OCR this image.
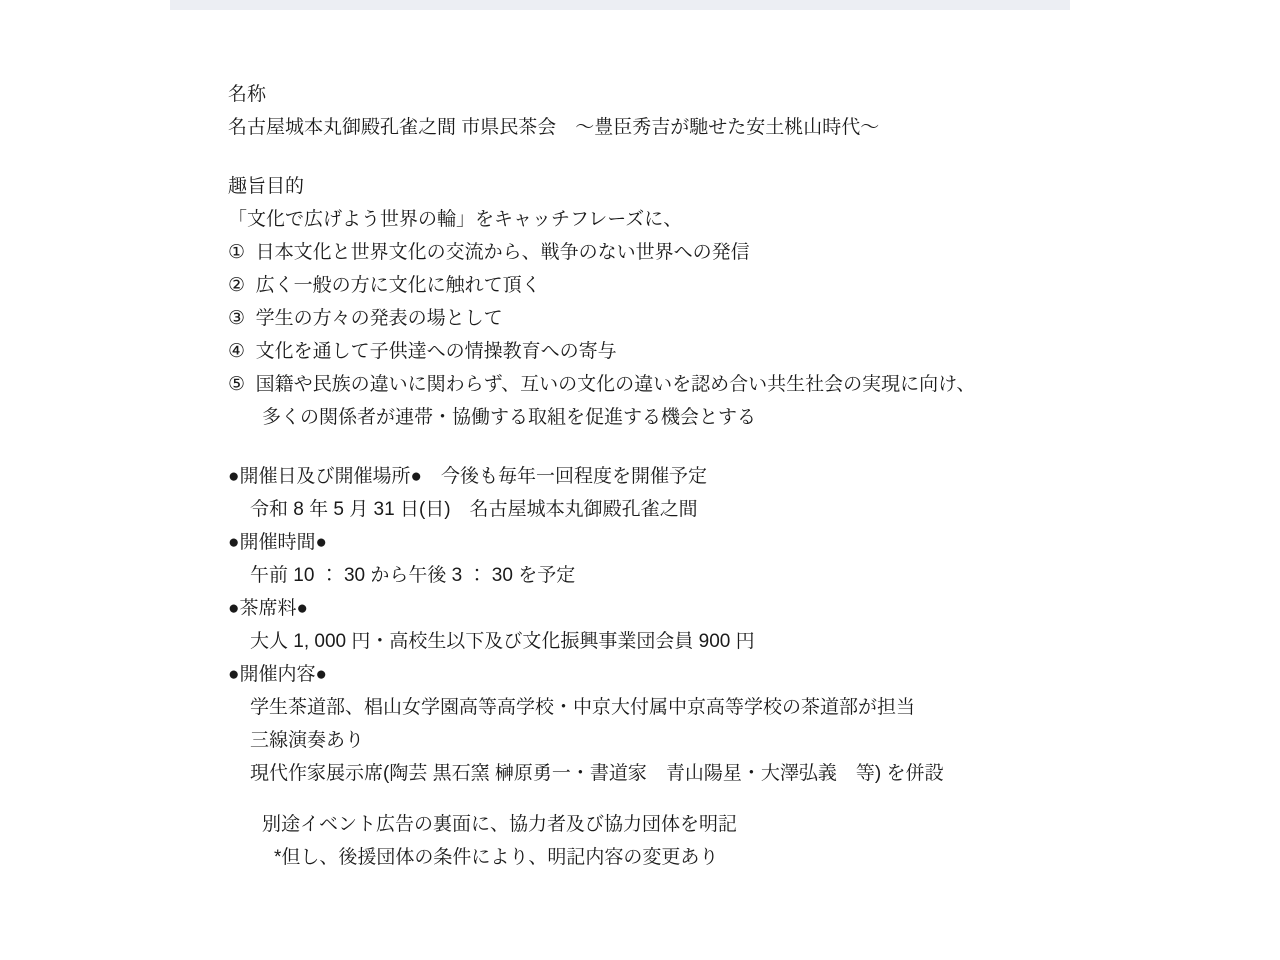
名称
名古屋城本丸御殿孔雀之間 市県民茶会　～豊臣秀吉が馳せた安土桃山時代～
趣旨目的
「文化で広げよう世界の輪」をキャッチフレーズに、
①  日本文化と世界文化の交流から、戦争のない世界への発信
②  広く一般の方に文化に触れて頂く
③  学生の方々の発表の場として
④  文化を通して子供達への情操教育への寄与
⑤  国籍や民族の違いに関わらず、互いの文化の違いを認め合い共生社会の実現に向け、
多くの関係者が連帯・協働する取組を促進する機会とする
●開催日及び開催場所●　今後も毎年一回程度を開催予定
令和 8 年 5 月 31 日(日)　名古屋城本丸御殿孔雀之間
●開催時間●
午前 10 ： 30 から午後 3 ： 30 を予定
●茶席料●
大人 1, 000 円・高校生以下及び文化振興事業団会員 900 円
●開催内容●
学生茶道部、椙山女学園高等高学校・中京大付属中京高等学校の茶道部が担当
三線演奏あり
現代作家展示席(陶芸 黒石窯 榊原勇一・書道家　青山陽星・大澤弘義　等) を併設
別途イベント広告の裏面に、協力者及び協力団体を明記
*但し、後援団体の条件により、明記内容の変更あり
